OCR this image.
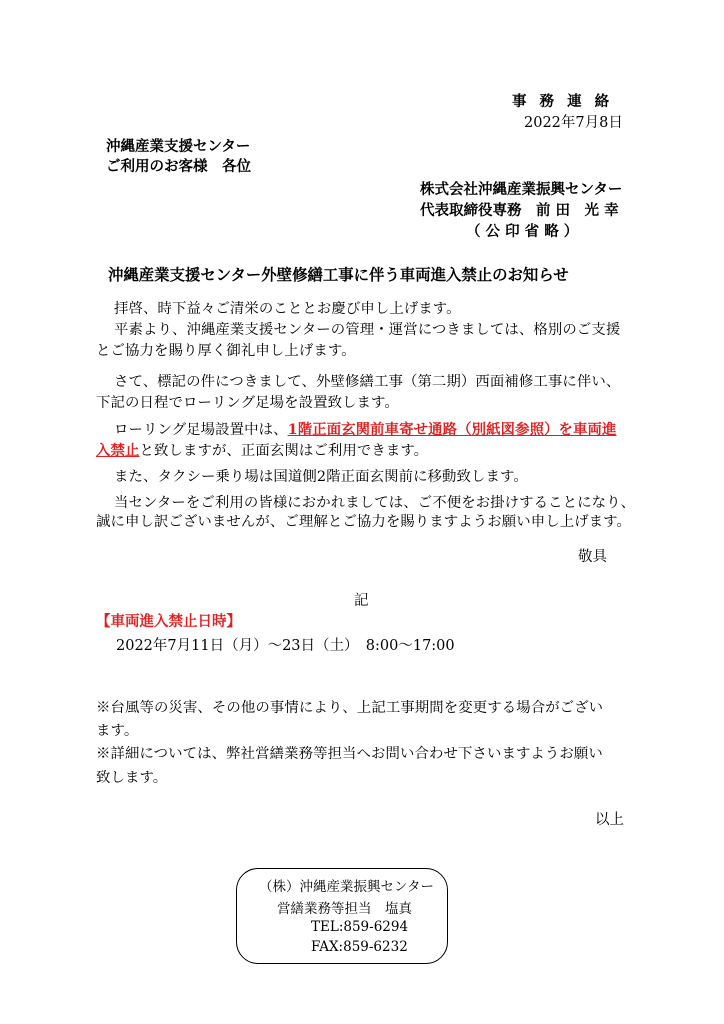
事 務 連 絡
2022年7月8日
沖縄産業支援センター
ご利用のお客様　各位
株式会社沖縄産業振興センター
代表取締役専務　前 田　光 幸
（ 公 印 省 略 ）
沖縄産業支援センター外壁修繕工事に伴う車両進入禁止のお知らせ
拝啓、時下益々ご清栄のこととお慶び申し上げます。
平素より、沖縄産業支援センターの管理・運営につきましては、格別のご支援
とご協力を賜り厚く御礼申し上げます。
さて、標記の件につきまして、外壁修繕工事（第二期）西面補修工事に伴い、
下記の日程でローリング足場を設置致します。
ローリング足場設置中は、1階正面玄関前車寄せ通路（別紙図参照）を車両進
入禁止と致しますが、正面玄関はご利用できます。
また、タクシー乗り場は国道側2階正面玄関前に移動致します。
当センターをご利用の皆様におかれましては、ご不便をお掛けすることになり、
誠に申し訳ございませんが、ご理解とご協力を賜りますようお願い申し上げます。
敬具
記
【車両進入禁止日時】
2022年7月11日（月）～23日（土）　8:00～17:00
※台風等の災害、その他の事情により、上記工事期間を変更する場合がござい
ます。
※詳細については、弊社営繕業務等担当へお問い合わせ下さいますようお願い
致します。
以上
（株）沖縄産業振興センター
営繕業務等担当　塩真
TEL:859-6294
FAX:859-6232
